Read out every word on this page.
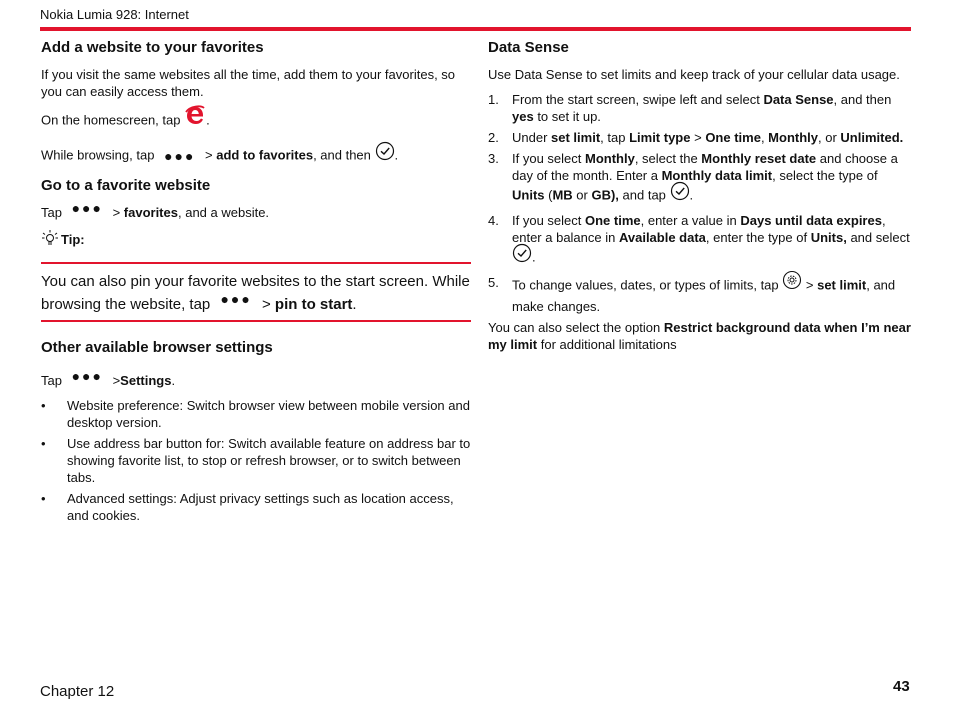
Nokia Lumia 928: Internet
Add a website to your favorites

If you visit the same websites all the time, add them to your favorites, so you can easily access them.

On the homescreen, tap .

While browsing, tap ●●● > add to favorites, and then .

Go to a favorite website

Tap ●●● > favorites, and a website.

Tip:
You can also pin your favorite websites to the start screen. While browsing the website, tap ●●● > pin to start.
Other available browser settings

Tap ●●● >Settings.

•	Website preference: Switch browser view between mobile version and desktop version.
•	Use address bar button for: Switch available feature on address bar to showing favorite list, to stop or refresh browser, or to switch between tabs.
•	Advanced settings: Adjust privacy settings such as location access, and cookies.
Data Sense

Use Data Sense to set limits and keep track of your cellular data usage.

1.	From the start screen, swipe left and select Data Sense, and then yes to set it up.
2.	Under set limit, tap Limit type > One time, Monthly, or Unlimited.
3.	If you select Monthly, select the Monthly reset date and choose a day of the month. Enter a Monthly data limit, select the type of Units (MB or GB), and tap .
4.	If you select One time, enter a value in Days until data expires, enter a balance in Available data, enter the type of Units, and select .
5.	To change values, dates, or types of limits, tap  > set limit, and make changes.

You can also select the option Restrict background data when I’m near my limit for additional limitations

Chapter 12	43
